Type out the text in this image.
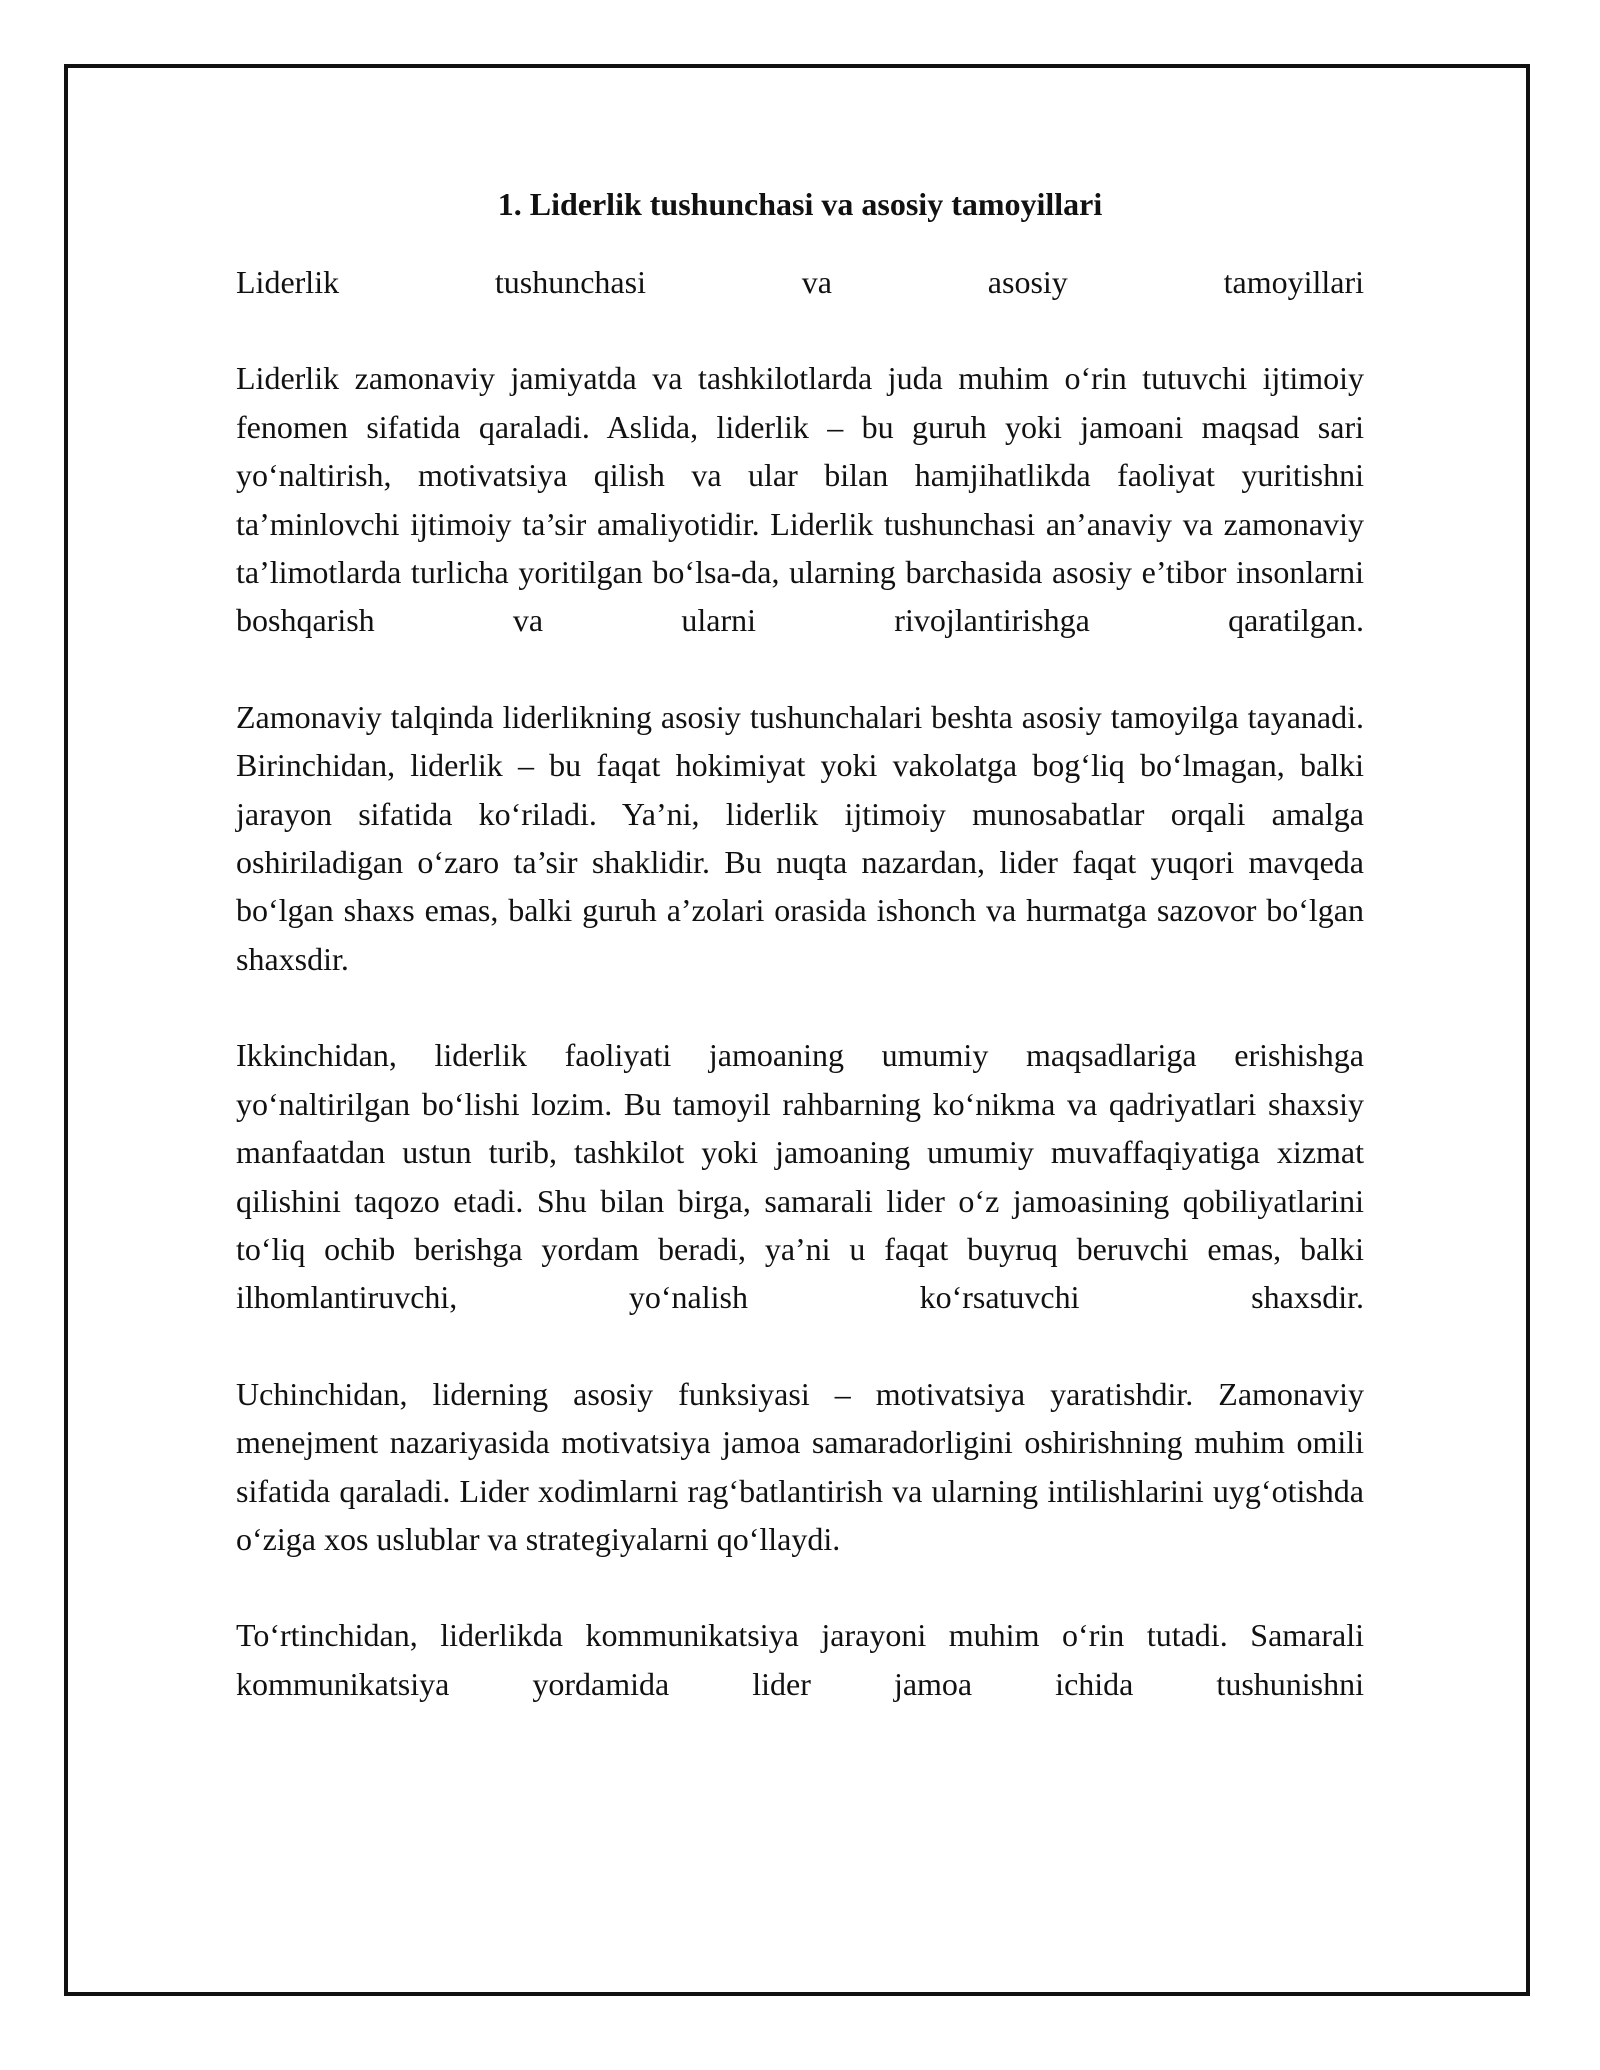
1. Liderlik tushunchasi va asosiy tamoyillari

Liderlik tushunchasi va asosiy tamoyillari

Liderlik zamonaviy jamiyatda va tashkilotlarda juda muhim o‘rin tutuvchi ijtimoiy fenomen sifatida qaraladi. Aslida, liderlik – bu guruh yoki jamoani maqsad sari yo‘naltirish, motivatsiya qilish va ular bilan hamjihatlikda faoliyat yuritishni ta’minlovchi ijtimoiy ta’sir amaliyotidir. Liderlik tushunchasi an’anaviy va zamonaviy ta’limotlarda turlicha yoritilgan bo‘lsa-da, ularning barchasida asosiy e’tibor insonlarni boshqarish va ularni rivojlantirishga qaratilgan.

Zamonaviy talqinda liderlikning asosiy tushunchalari beshta asosiy tamoyilga tayanadi. Birinchidan, liderlik – bu faqat hokimiyat yoki vakolatga bog‘liq bo‘lmagan, balki jarayon sifatida ko‘riladi. Ya’ni, liderlik ijtimoiy munosabatlar orqali amalga oshiriladigan o‘zaro ta’sir shaklidir. Bu nuqta nazardan, lider faqat yuqori mavqeda bo‘lgan shaxs emas, balki guruh a’zolari orasida ishonch va hurmatga sazovor bo‘lgan shaxsdir.

Ikkinchidan, liderlik faoliyati jamoaning umumiy maqsadlariga erishishga yo‘naltirilgan bo‘lishi lozim. Bu tamoyil rahbarning ko‘nikma va qadriyatlari shaxsiy manfaatdan ustun turib, tashkilot yoki jamoaning umumiy muvaffaqiyatiga xizmat qilishini taqozo etadi. Shu bilan birga, samarali lider o‘z jamoasining qobiliyatlarini to‘liq ochib berishga yordam beradi, ya’ni u faqat buyruq beruvchi emas, balki ilhomlantiruvchi, yo‘nalish ko‘rsatuvchi shaxsdir.

Uchinchidan, liderning asosiy funksiyasi – motivatsiya yaratishdir. Zamonaviy menejment nazariyasida motivatsiya jamoa samaradorligini oshirishning muhim omili sifatida qaraladi. Lider xodimlarni rag‘batlantirish va ularning intilishlarini uyg‘otishda o‘ziga xos uslublar va strategiyalarni qo‘llaydi.

To‘rtinchidan, liderlikda kommunikatsiya jarayoni muhim o‘rin tutadi. Samarali kommunikatsiya yordamida lider jamoa ichida tushunishni
